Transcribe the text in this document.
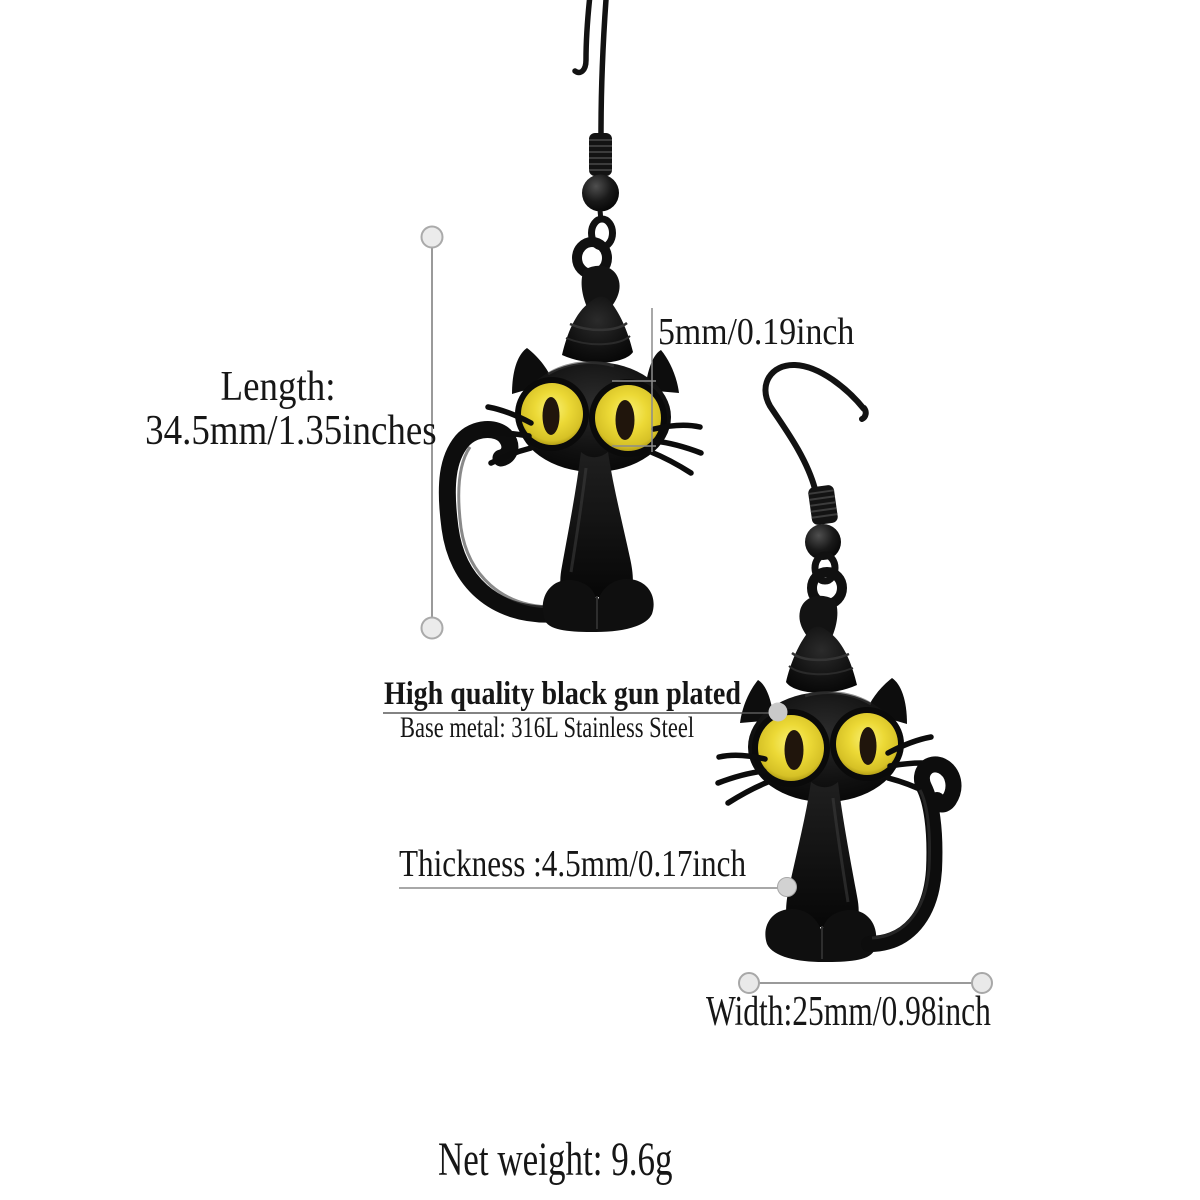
Length:
34.5mm/1.35inches
5mm/0.19inch
High quality black gun plated
Base metal: 316L Stainless Steel
Thickness :4.5mm/0.17inch
Width:25mm/0.98inch
Net weight: 9.6g
